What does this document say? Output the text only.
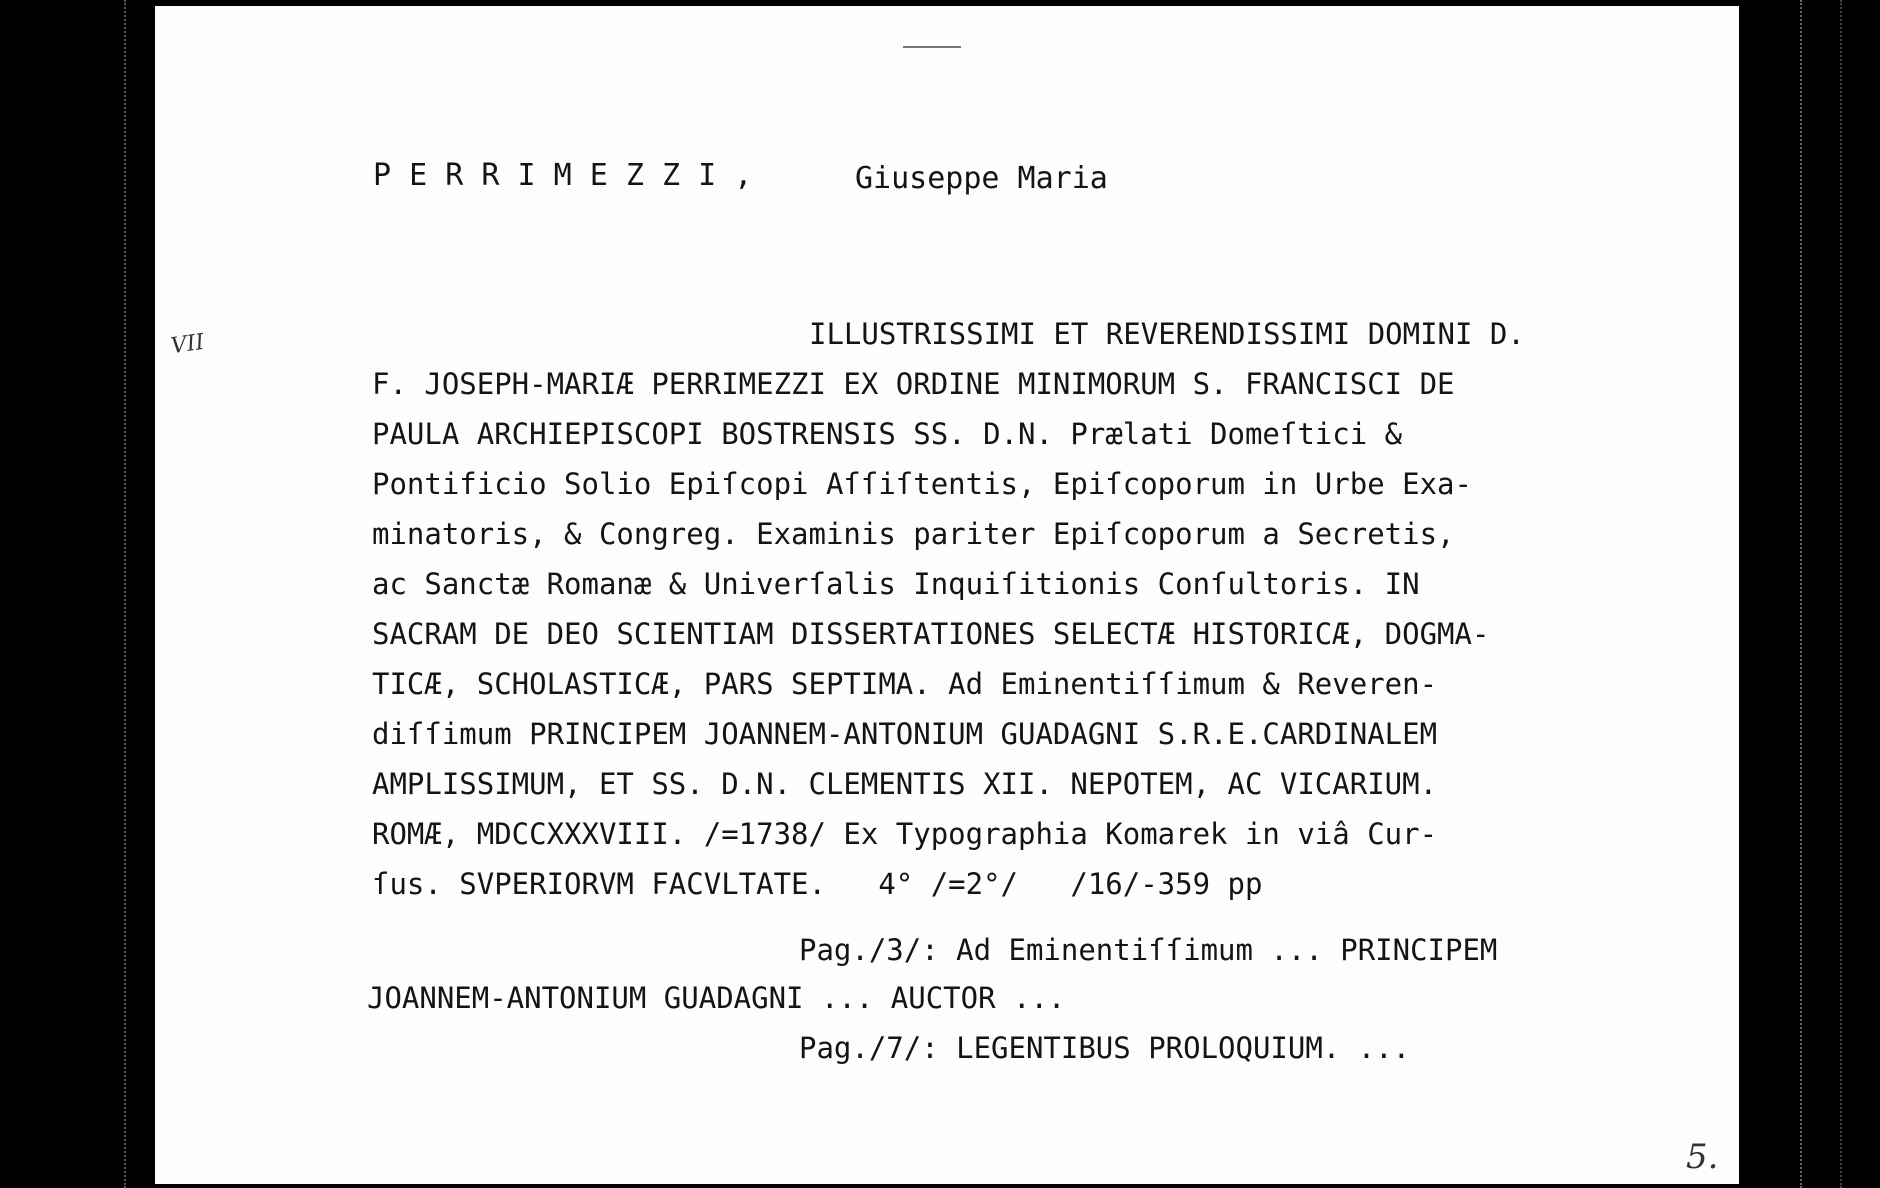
P E R R I M E Z Z I ,	Giuseppe Maria
VII	ILLUSTRISSIMI ET REVERENDISSIMI DOMINI D.
F. JOSEPH-MARIÆ PERRIMEZZI EX ORDINE MINIMORUM S. FRANCISCI DE
PAULA ARCHIEPISCOPI BOSTRENSIS SS. D.N. Prælati Domeſtici &
Pontificio Solio Epiſcopi Aſſiſtentis, Epiſcoporum in Urbe Exa-
minatoris, & Congreg. Examinis pariter Epiſcoporum a Secretis,
ac Sanctæ Romanæ & Univerſalis Inquiſitionis Conſultoris. IN
SACRAM DE DEO SCIENTIAM DISSERTATIONES SELECTÆ HISTORICÆ, DOGMA-
TICÆ, SCHOLASTICÆ, PARS SEPTIMA. Ad Eminentiſſimum & Reveren-
diſſimum PRINCIPEM JOANNEM-ANTONIUM GUADAGNI S.R.E.CARDINALEM
AMPLISSIMUM, ET SS. D.N. CLEMENTIS XII. NEPOTEM, AC VICARIUM.
ROMÆ, MDCCXXXVIII. /=1738/ Ex Typographia Komarek in viâ Cur-
ſus. SVPERIORVM FACVLTATE.   4° /=2°/   /16/-359 pp
Pag./3/: Ad Eminentiſſimum ... PRINCIPEM
JOANNEM-ANTONIUM GUADAGNI ... AUCTOR ...
Pag./7/: LEGENTIBUS PROLOQUIUM. ...
5.
